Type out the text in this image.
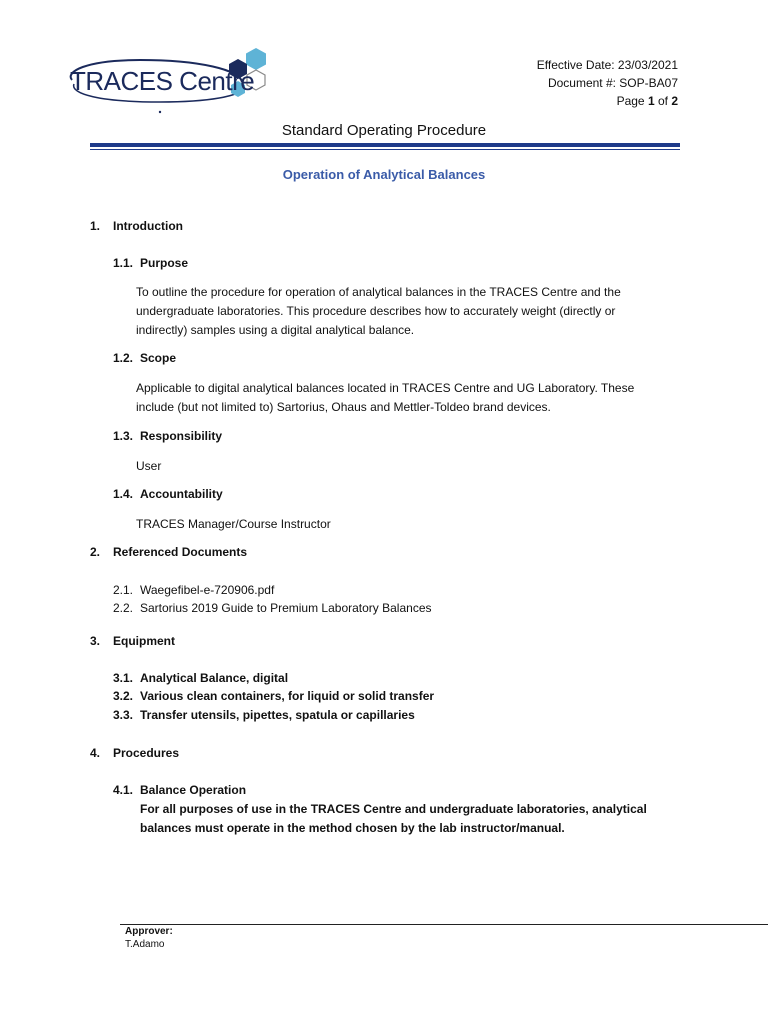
TRACES Centre
Effective Date: 23/03/2021
Document #: SOP-BA07
Page 1 of 2
Standard Operating Procedure
Operation of Analytical Balances
1. Introduction
1.1. Purpose
To outline the procedure for operation of analytical balances in the TRACES Centre and the
undergraduate laboratories. This procedure describes how to accurately weight (directly or
indirectly) samples using a digital analytical balance.
1.2. Scope
Applicable to digital analytical balances located in TRACES Centre and UG Laboratory. These
include (but not limited to) Sartorius, Ohaus and Mettler-Toldeo brand devices.
1.3. Responsibility
User
1.4. Accountability
TRACES Manager/Course Instructor
2. Referenced Documents
2.1. Waegefibel-e-720906.pdf
2.2. Sartorius 2019 Guide to Premium Laboratory Balances
3. Equipment
3.1. Analytical Balance, digital
3.2. Various clean containers, for liquid or solid transfer
3.3. Transfer utensils, pipettes, spatula or capillaries
4. Procedures
4.1. Balance Operation
For all purposes of use in the TRACES Centre and undergraduate laboratories, analytical
balances must operate in the method chosen by the lab instructor/manual.
Approver:
T.Adamo
